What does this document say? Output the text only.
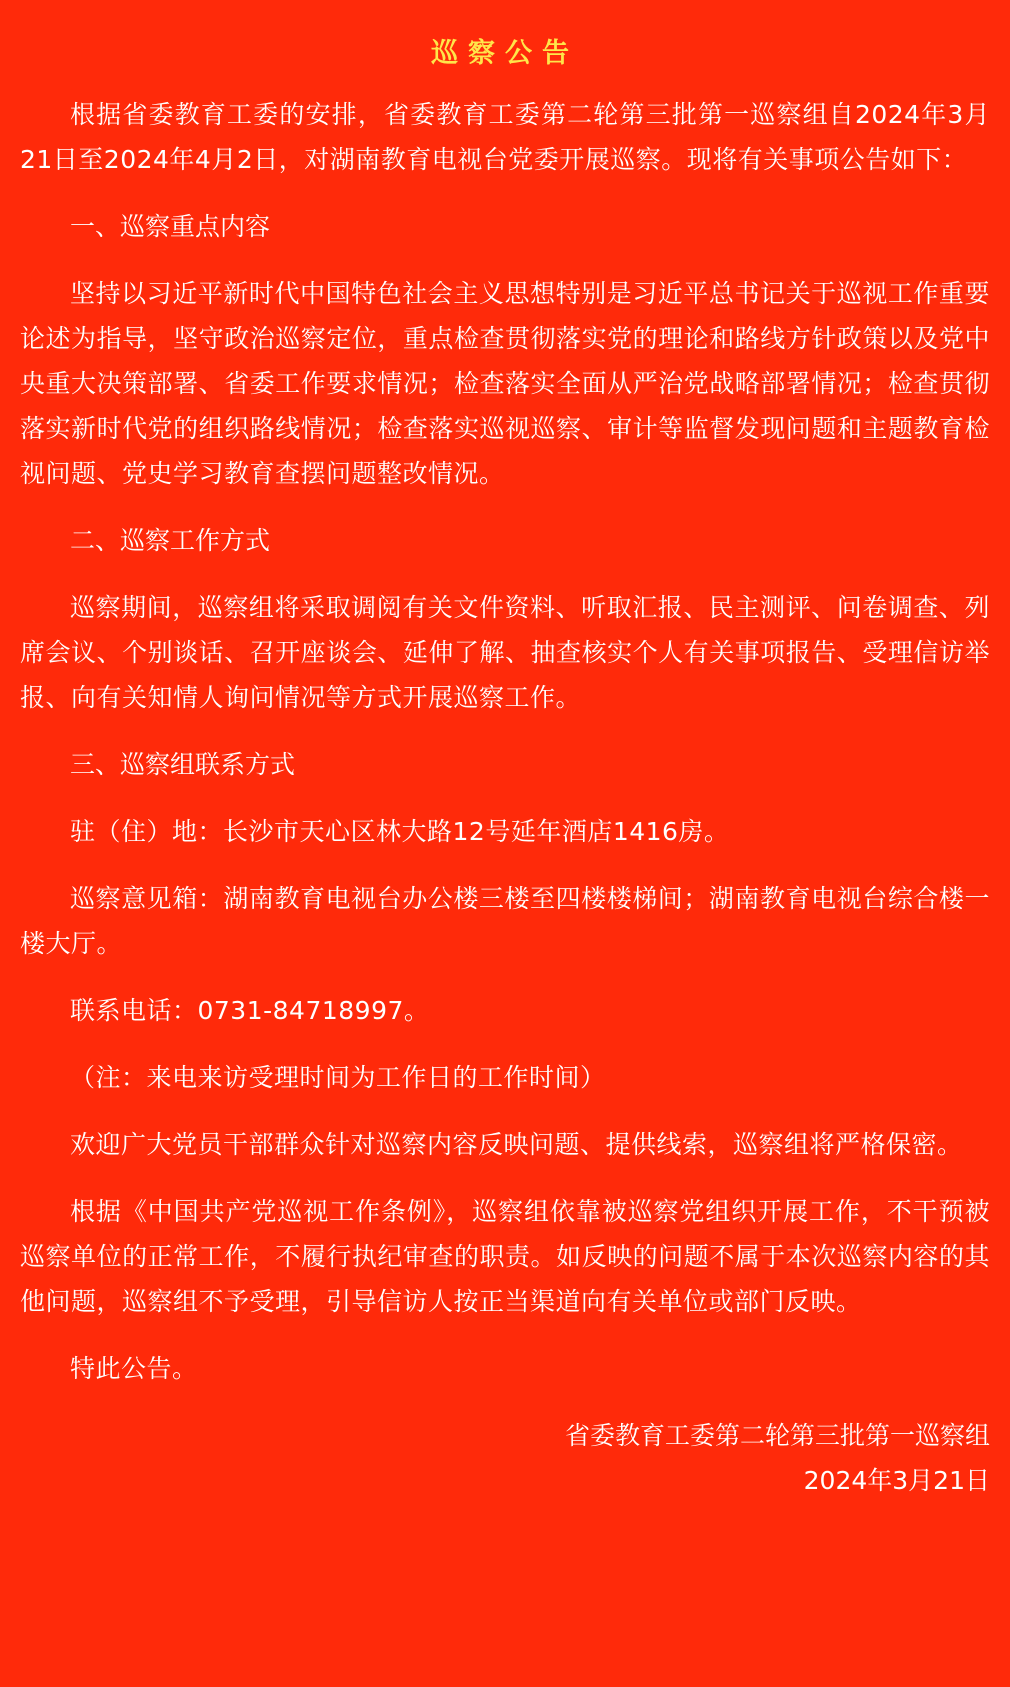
巡察公告

根据省委教育工委的安排，省委教育工委第二轮第三批第一巡察组自2024年3月21日至2024年4月2日，对湖南教育电视台党委开展巡察。现将有关事项公告如下：

一、巡察重点内容

坚持以习近平新时代中国特色社会主义思想特别是习近平总书记关于巡视工作重要论述为指导，坚守政治巡察定位，重点检查贯彻落实党的理论和路线方针政策以及党中央重大决策部署、省委工作要求情况；检查落实全面从严治党战略部署情况；检查贯彻落实新时代党的组织路线情况；检查落实巡视巡察、审计等监督发现问题和主题教育检视问题、党史学习教育查摆问题整改情况。

二、巡察工作方式

巡察期间，巡察组将采取调阅有关文件资料、听取汇报、民主测评、问卷调查、列席会议、个别谈话、召开座谈会、延伸了解、抽查核实个人有关事项报告、受理信访举报、向有关知情人询问情况等方式开展巡察工作。

三、巡察组联系方式

驻（住）地：长沙市天心区林大路12号延年酒店1416房。

巡察意见箱：湖南教育电视台办公楼三楼至四楼楼梯间；湖南教育电视台综合楼一楼大厅。

联系电话：0731-84718997。

（注：来电来访受理时间为工作日的工作时间）

欢迎广大党员干部群众针对巡察内容反映问题、提供线索，巡察组将严格保密。

根据《中国共产党巡视工作条例》，巡察组依靠被巡察党组织开展工作，不干预被巡察单位的正常工作，不履行执纪审查的职责。如反映的问题不属于本次巡察内容的其他问题，巡察组不予受理，引导信访人按正当渠道向有关单位或部门反映。

特此公告。

省委教育工委第二轮第三批第一巡察组

2024年3月21日
